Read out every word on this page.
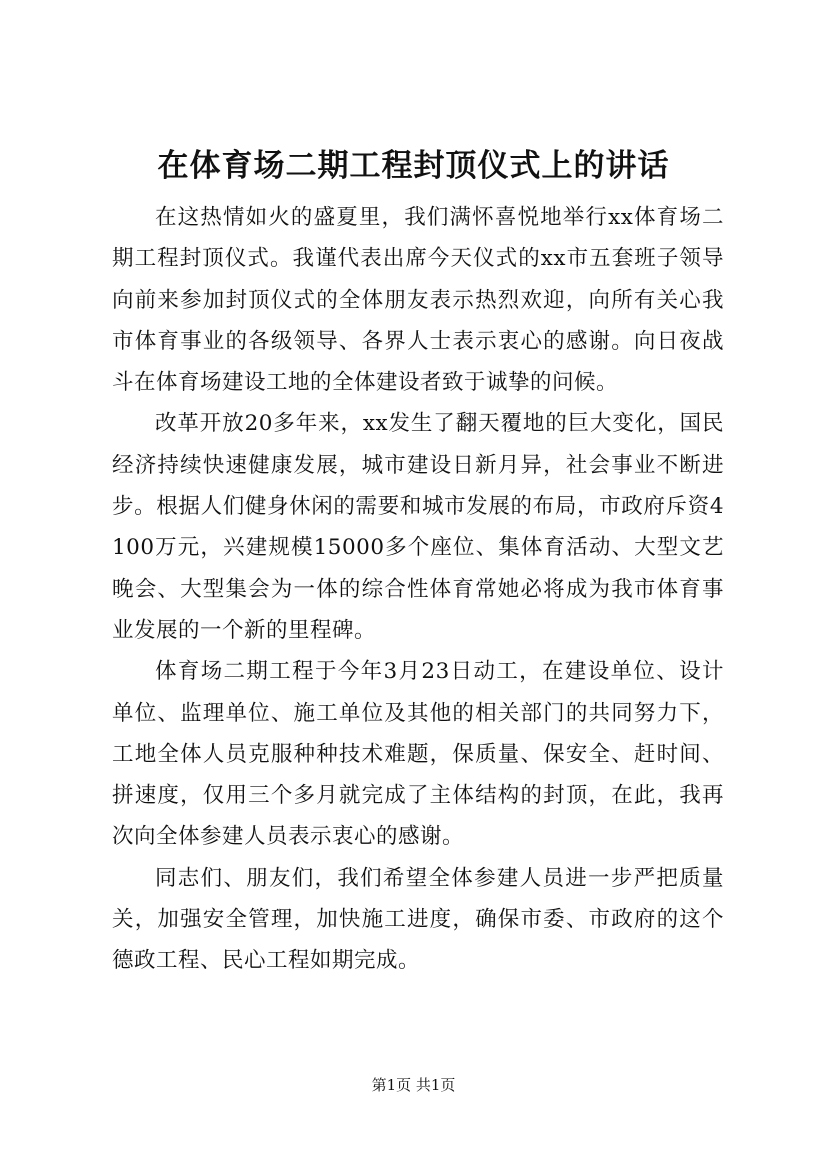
在体育场二期工程封顶仪式上的讲话

在这热情如火的盛夏里，我们满怀喜悦地举行xx体育场二期工程封顶仪式。我谨代表出席今天仪式的xx市五套班子领导向前来参加封顶仪式的全体朋友表示热烈欢迎，向所有关心我市体育事业的各级领导、各界人士表示衷心的感谢。向日夜战斗在体育场建设工地的全体建设者致于诚挚的问候。

改革开放20多年来，xx发生了翻天覆地的巨大变化，国民经济持续快速健康发展，城市建设日新月异，社会事业不断进步。根据人们健身休闲的需要和城市发展的布局，市政府斥资4100万元，兴建规模15000多个座位、集体育活动、大型文艺晚会、大型集会为一体的综合性体育常她必将成为我市体育事业发展的一个新的里程碑。

体育场二期工程于今年3月23日动工，在建设单位、设计单位、监理单位、施工单位及其他的相关部门的共同努力下，工地全体人员克服种种技术难题，保质量、保安全、赶时间、拼速度，仅用三个多月就完成了主体结构的封顶，在此，我再次向全体参建人员表示衷心的感谢。

同志们、朋友们，我们希望全体参建人员进一步严把质量关，加强安全管理，加快施工进度，确保市委、市政府的这个德政工程、民心工程如期完成。

第1页 共1页
